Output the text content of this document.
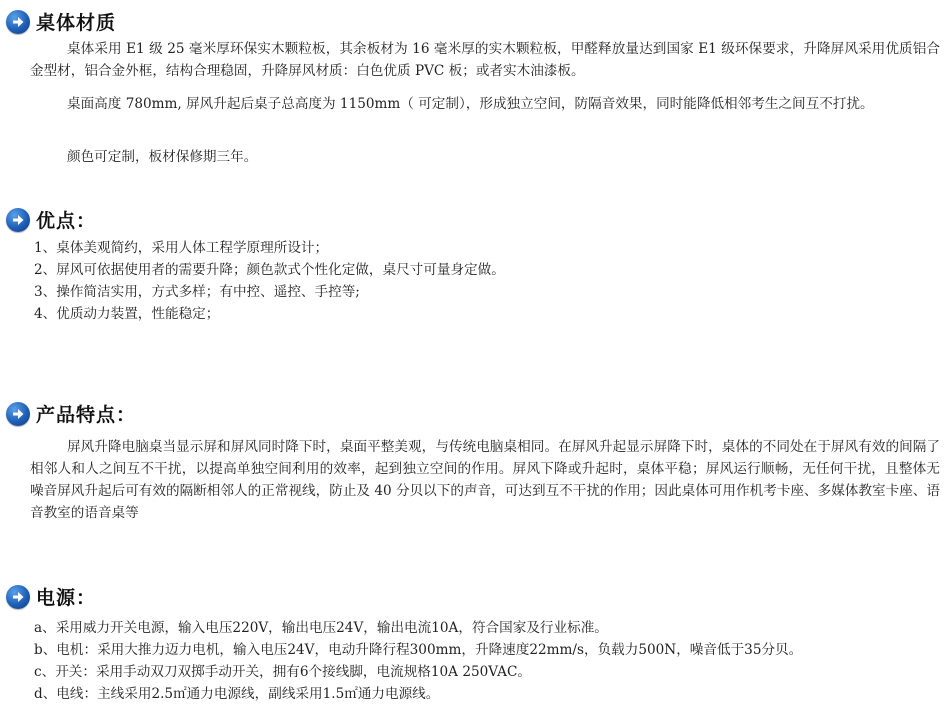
桌体材质

桌体采用 E1 级 25 毫米厚环保实木颗粒板，其余板材为 16 毫米厚的实木颗粒板，甲醛释放量达到国家 E1 级环保要求，升降屏风采用优质铝合金型材，铝合金外框，结构合理稳固，升降屏风材质：白色优质 PVC 板；或者实木油漆板。

桌面高度 780mm, 屏风升起后桌子总高度为 1150mm（ 可定制），形成独立空间，防隔音效果，同时能降低相邻考生之间互不打扰。

颜色可定制，板材保修期三年。

优点：
1、桌体美观简约，采用人体工程学原理所设计；
2、屏风可依据使用者的需要升降；颜色款式个性化定做，桌尺寸可量身定做。
3、操作简洁实用，方式多样；有中控、遥控、手控等;
4、优质动力装置，性能稳定；
产品特点：

屏风升降电脑桌当显示屏和屏风同时降下时，桌面平整美观，与传统电脑桌相同。在屏风升起显示屏降下时，桌体的不同处在于屏风有效的间隔了相邻人和人之间互不干扰，以提高单独空间利用的效率，起到独立空间的作用。屏风下降或升起时，桌体平稳；屏风运行顺畅，无任何干扰，且整体无噪音屏风升起后可有效的隔断相邻人的正常视线，防止及 40 分贝以下的声音，可达到互不干扰的作用；因此桌体可用作机考卡座、多媒体教室卡座、语音教室的语音桌等

电源：
a、采用威力开关电源，输入电压220V，输出电压24V，输出电流10A，符合国家及行业标准。
b、电机：采用大推力迈力电机，输入电压24V，电动升降行程300mm，升降速度22mm/s，负载力500N，噪音低于35分贝。
c、开关：采用手动双刀双掷手动开关，拥有6个接线脚，电流规格10A 250VAC。
d、电线：主线采用2.5㎡通力电源线，副线采用1.5㎡通力电源线。
